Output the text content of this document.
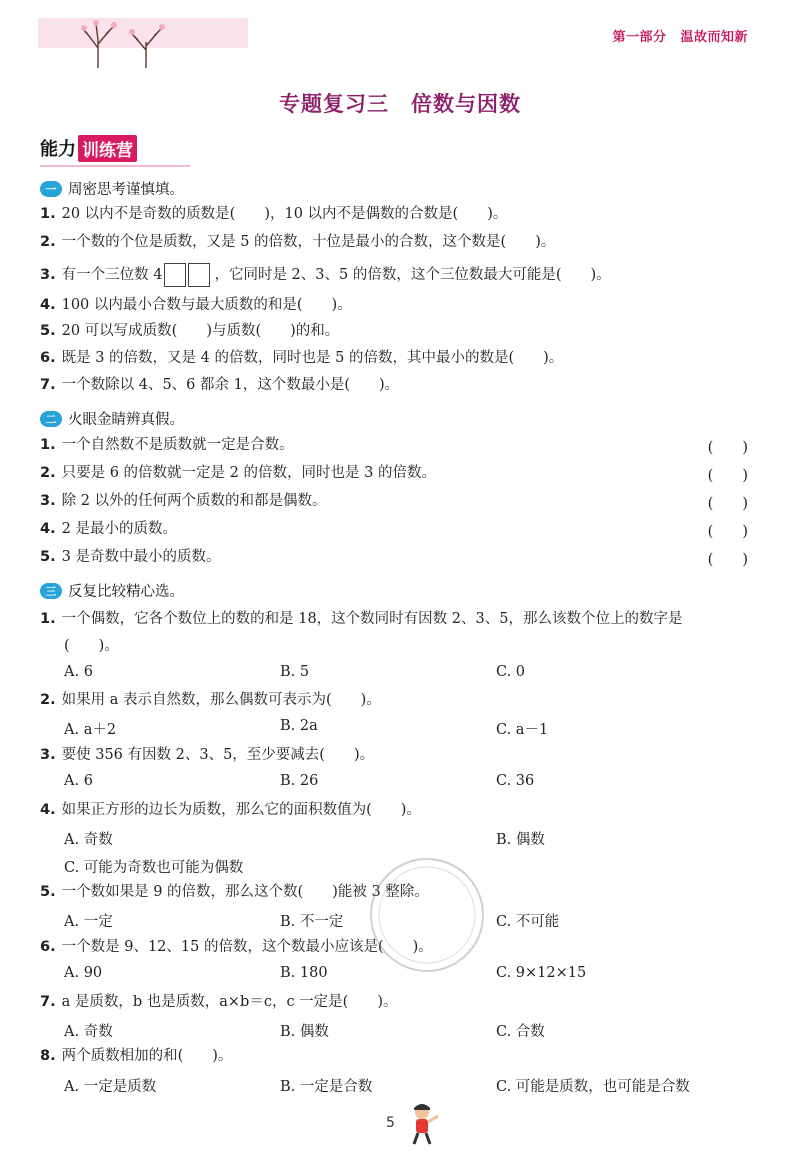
第一部分 温故而知新
专题复习三　倍数与因数
能力 训练营
一 周密思考谨慎填。
1. 20 以内不是奇数的质数是(　　)，10 以内不是偶数的合数是(　　)。
2. 一个数的个位是质数，又是 5 的倍数，十位是最小的合数，这个数是(　　)。
3. 有一个三位数 4	，它同时是 2、3、5 的倍数，这个三位数最大可能是(　　)。
4. 100 以内最小合数与最大质数的和是(　　)。
5. 20 可以写成质数(　　)与质数(　　)的和。
6. 既是 3 的倍数，又是 4 的倍数，同时也是 5 的倍数，其中最小的数是(　　)。
7. 一个数除以 4、5、6 都余 1，这个数最小是(　　)。
二 火眼金睛辨真假。
1. 一个自然数不是质数就一定是合数。	(　　)
2. 只要是 6 的倍数就一定是 2 的倍数，同时也是 3 的倍数。	(　　)
3. 除 2 以外的任何两个质数的和都是偶数。	(　　)
4. 2 是最小的质数。	(　　)
5. 3 是奇数中最小的质数。	(　　)
三 反复比较精心选。
1. 一个偶数，它各个数位上的数的和是 18，这个数同时有因数 2、3、5，那么该数个位上的数字是
(　　)。
A. 6	B. 5	C. 0
2. 如果用 a 表示自然数，那么偶数可表示为(　　)。
A. a＋2	B. 2a	C. a－1
3. 要使 356 有因数 2、3、5，至少要减去(　　)。
A. 6	B. 26	C. 36
4. 如果正方形的边长为质数，那么它的面积数值为(　　)。
A. 奇数	B. 偶数
C. 可能为奇数也可能为偶数
5. 一个数如果是 9 的倍数，那么这个数(　　)能被 3 整除。
A. 一定	B. 不一定	C. 不可能
6. 一个数是 9、12、15 的倍数，这个数最小应该是(　　)。
A. 90	B. 180	C. 9×12×15
7. a 是质数，b 也是质数，a×b＝c，c 一定是(　　)。
A. 奇数	B. 偶数	C. 合数
8. 两个质数相加的和(　　)。
A. 一定是质数	B. 一定是合数	C. 可能是质数，也可能是合数
5
